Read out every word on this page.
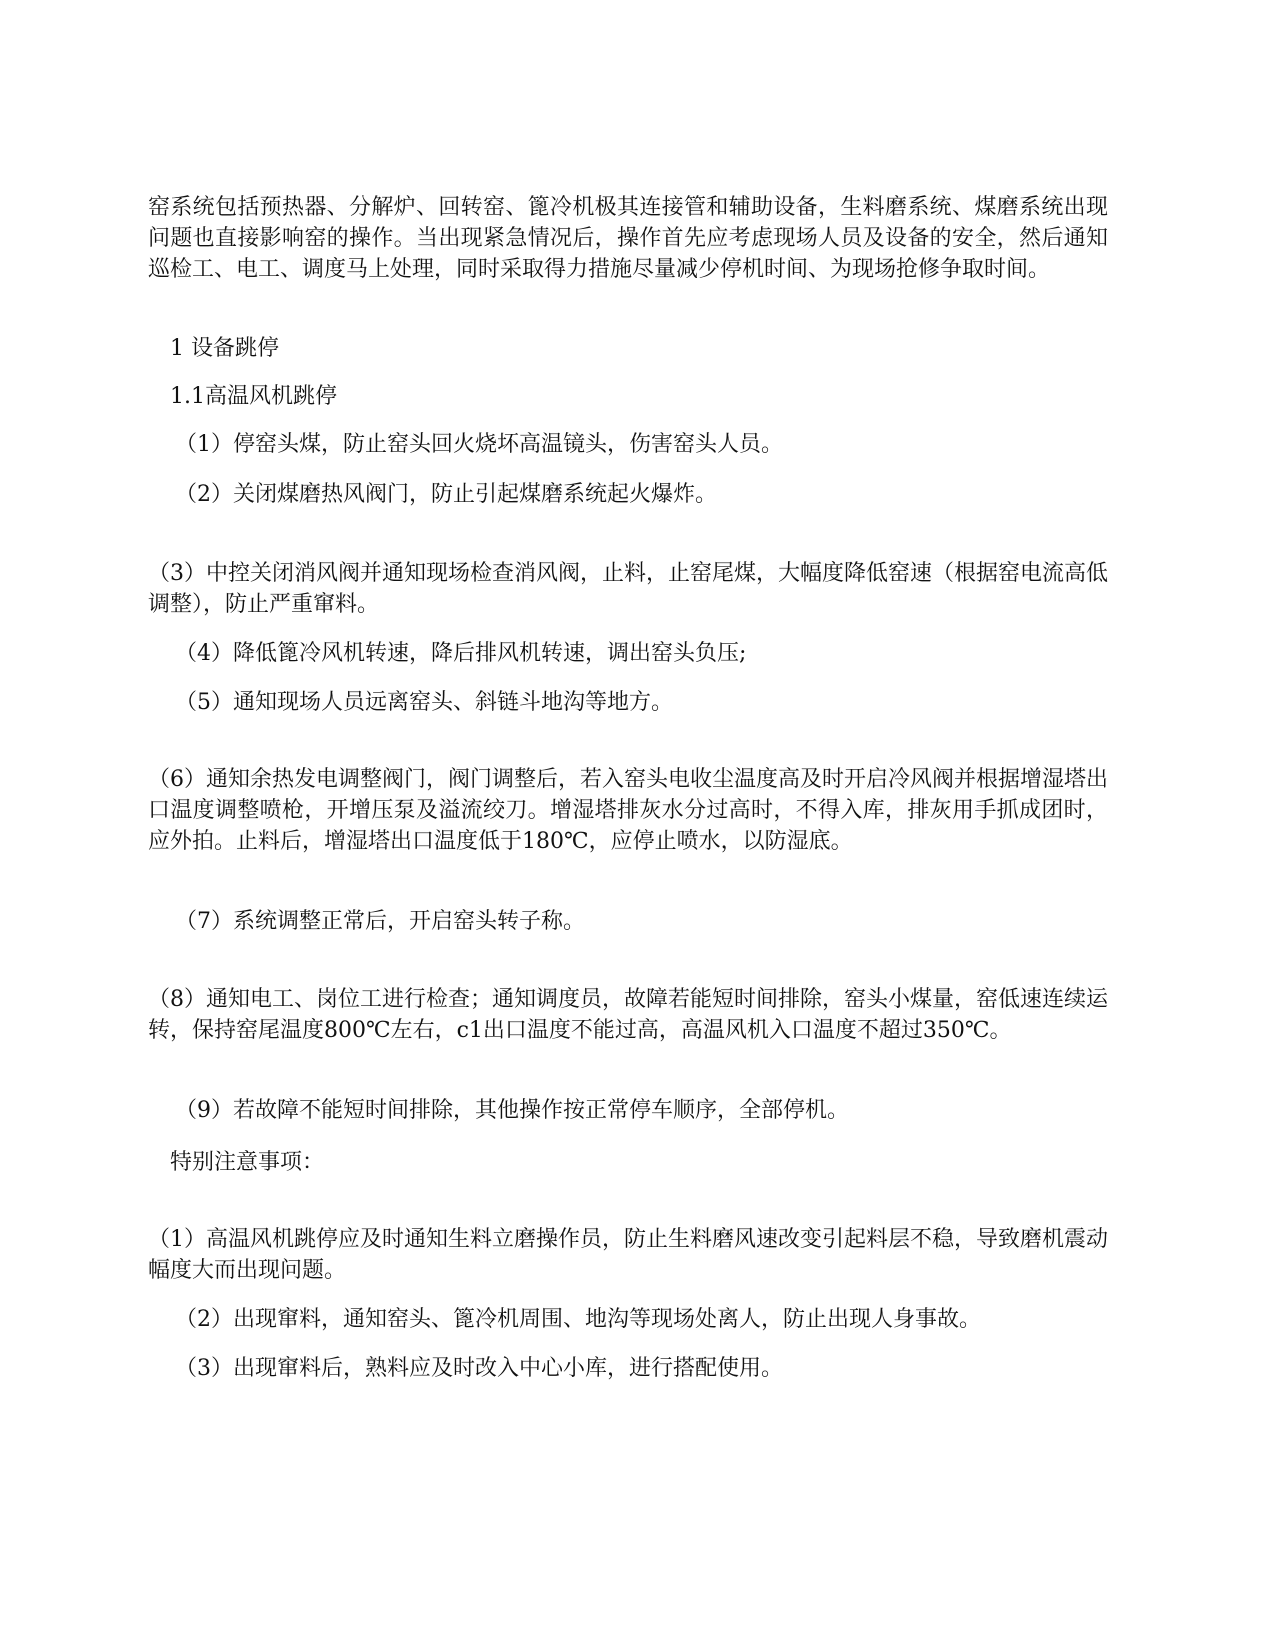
窑系统包括预热器、分解炉、回转窑、篦冷机极其连接管和辅助设备，生料磨系统、煤磨系统出现问题也直接影响窑的操作。当出现紧急情况后，操作首先应考虑现场人员及设备的安全，然后通知巡检工、电工、调度马上处理，同时采取得力措施尽量减少停机时间、为现场抢修争取时间。

1 设备跳停

1.1高温风机跳停

（1）停窑头煤，防止窑头回火烧坏高温镜头，伤害窑头人员。

（2）关闭煤磨热风阀门，防止引起煤磨系统起火爆炸。

（3）中控关闭消风阀并通知现场检查消风阀，止料，止窑尾煤，大幅度降低窑速（根据窑电流高低调整），防止严重窜料。

（4）降低篦冷风机转速，降后排风机转速，调出窑头负压;

（5）通知现场人员远离窑头、斜链斗地沟等地方。

（6）通知余热发电调整阀门，阀门调整后，若入窑头电收尘温度高及时开启冷风阀并根据增湿塔出口温度调整喷枪，开增压泵及溢流绞刀。增湿塔排灰水分过高时，不得入库，排灰用手抓成团时，应外拍。止料后，增湿塔出口温度低于180℃，应停止喷水，以防湿底。

（7）系统调整正常后，开启窑头转子称。

（8）通知电工、岗位工进行检查；通知调度员，故障若能短时间排除，窑头小煤量，窑低速连续运转，保持窑尾温度800℃左右，c1出口温度不能过高，高温风机入口温度不超过350℃。

（9）若故障不能短时间排除，其他操作按正常停车顺序，全部停机。

特别注意事项：

（1）高温风机跳停应及时通知生料立磨操作员，防止生料磨风速改变引起料层不稳，导致磨机震动幅度大而出现问题。

（2）出现窜料，通知窑头、篦冷机周围、地沟等现场处离人，防止出现人身事故。

（3）出现窜料后，熟料应及时改入中心小库，进行搭配使用。
